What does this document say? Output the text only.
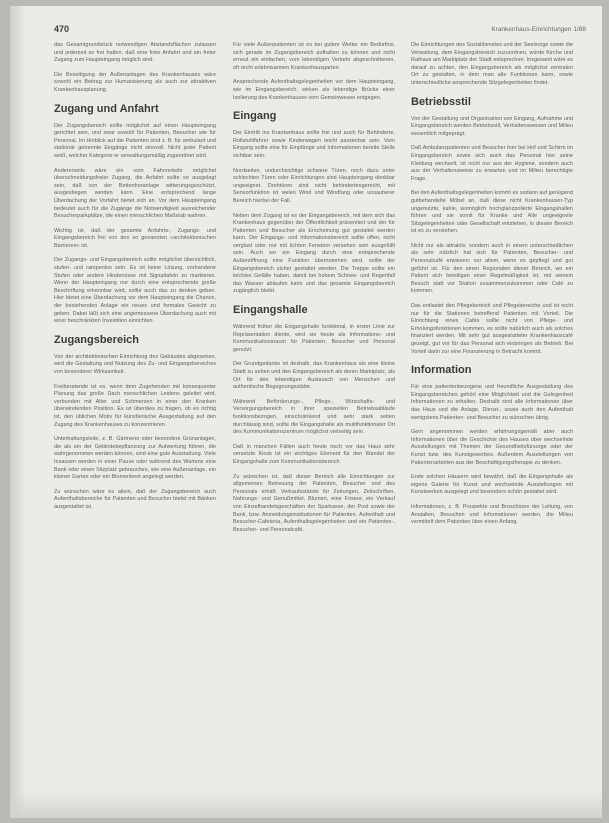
470	Krankenhaus-Einrichtungen 1/88
das Gesamtgrundstück notwendigen Abstandsflächen zulassen und jederzeit so frei halten, daß eine freie Anfahrt und ein freier Zugang zum Haupteingang möglich sind.
Die Beseitigung der Außenanlagen des Krankenhauses wäre sowohl ein Beitrag zur Humanisierung als auch zur attraktiven Krankenhausplanung.
Zugang und Anfahrt
Der Zugangsbereich sollte möglichst auf einen Haupteingang gerichtet sein, und zwar sowohl für Patienten, Besucher wie für Personal. Im Hinblick auf die Patienten sind z. B. für ambulant und stationär getrennte Eingänge nicht sinnvoll. Nicht jeder Patient weiß, welcher Kategorie er verwaltungsmäßig zugeordnet wird.
Andererseits wäre ein vom Fahrverkehr möglichst überschneidungsfreier Zugang, die Anfahrt sollte so ausgelegt sein, daß von der Bettenhoranlage witterungsgeschützt, ausgestiegen werden kann. Eine entsprechend lange Überdachung der Vorfahrt bietet sich an. Vor dem Haupteingang bedeutet auch für die Zugänge die Notwendigkeit ausreichender Besucherparkplätze, die einen menschlichen Maßstab wahren.
Wichtig ist, daß der gesamte Anfahrts-, Zugangs- und Eingangsbereich frei von den so genannten »architektonischen Barrieren« ist.
Der Zugangs- und Eingangsbereich sollte möglichst übersichtlich, stufen- und rampenlos sein. Es ist keine Lösung, vorhandene Stufen oder andere Hindernisse mit Signaltafeln zu markieren. Wenn der Haupteingang nur durch eine entsprechende große Beschriftung erkennbar wird, sollte auch das zu denken geben. Hier bietet eine Überdachung vor dem Haupteingang die Chance, der bestehenden Anlage ein neues und formales Gesicht zu geben. Dabei läßt sich eine angemessene Überdachung auch mit einer beschränkten Investition einrichten.
Zugangsbereich
Von der architektonischen Einrichtung des Gebäudes abgesehen, wird die Gestaltung und Nutzung des Zu- und Eingangsbereiches von besonderer Wirksamkeit.
Freiberatende ist es, wenn dem Zugehenden mit konsequenter Planung das große Dach menschlichen Leidens geleitet wird, verbunden mit Alter und Schmerzen in einer den Kranken überwindenden Position. Es ist überdies zu fragen, ob es richtig ist, den üblichen Motiv für künstlerische Ausgestaltung auf den Zugang des Krankenhauses zu konzentrieren.
Unterhaltungsteile, z. B. Gärtnerei oder besonders Grünanlagen, die als ein der Geländebepflanzung zur Aufwertung führen, die wahrgenommen werden können, sind eine gute Ausstattung. Viele Insassen werden in einer Pause oder während des Wartens eine Bank oder einen Sitzplatz gebrauchen, wie eine Außenanlage, ein kleiner Garten oder ein Blumenbeet angelegt werden.
Zu wünschen wäre es allein, daß der Zugangsbereich auch Aufenthaltsbereiche für Patienten und Besucher bietet mit Bänken ausgestattet ist.
Für viele Außenpatienten ist es bei gutem Wetter ein Bedürfnis, sich gerade im Zugangsbereich aufhalten zu können und nicht erneut ein einfachen, vom lebendigen Verkehr abgeschnittenen, oft recht erlebnisarmen Krankenhausgarten.
Ansprechende Aufenthaltsgelegenheiten vor dem Haupteingang, wie im Eingangsbereich, wirken als lebendige Brücke einer Isolierung des Krankenhauses vom Gemeinwesen entgegen.
Eingang
Der Eintritt ins Krankenhaus sollte frei und auch für Behinderte, Rollstuhlfahrer sowie Kinderwagen leicht passierbar sein. Vom Eingang sollte eine für Empfänge und Informationen bereite Stelle sichtbar sein.
Nordseiten, undurchsichtige schwere Türen, noch dazu unter schlechten Türen oder Einrichtungen sind Haupteingang denkbar ungeeignet. Drehtüren sind nicht behindertengerecht, mit Sensorfunktion ist vielen Wind und Windfang oder unsauberer Bereich hierbei der Fall.
Neben dem Zugang ist es der Eingangsbereich, mit dem sich das Krankenhaus gegenüber der Öffentlichkeit präsentiert und der für Patienten und Besucher als Erscheinung gut gestaltet werden kann. Der Eingangs- und Informationsbereich sollte offen, nicht verglast oder nur mit lichten Fenstern versehen sein ausgefüllt sein. Auch wo ein Eingang durch eine entsprechende Außenöffnung eine Funktion übernommen wird, sollte der Eingangsbereich sicher gestaltet werden. Die Treppe sollte ein leichtes Gefälle haben, damit bei hohem Schnee- und Regenfall das Wasser ablaufen kann und das gesamte Eingangsbereich zugänglich bleibt.
Eingangshalle
Während früher die Eingangshalle funktional, in erster Linie zur Repräsentation diente, wird sie heute als Informations- und Kommunikationsraum für Patienten, Besucher und Personal genutzt.
Der Grundgedanke ist deshalb, das Krankenhaus als eine kleine Stadt zu sehen und den Eingangsbereich als deren Marktplatz, als Ort für den lebendigen Austausch von Menschen und authentische Begegnungsstätte.
Während Beförderungs-, Pflege-, Wirtschafts- und Versorgungsbereich in ihrer speziellen Betriebsabläufe funktionsbezogen, einschränkend und sehr stark selten durchlässig sind, sollte die Eingangshalle als multifunktionaler Ort des Kommunikationszentrum möglichst vielseitig sein.
Daß in manchen Fällen auch heute noch vor das Haus sehr versetzte Kiosk ist ein wichtiges Element für den Wandel der Eingangshalle zum Kommunikationsbereich.
Zu wünschen ist, daß dieser Bereich alle Einrichtungen zur allgemeinen Betreuung der Patienten, Besucher und des Personals erhält: Verkaufsstände für Zeitungen, Zeitschriften, Nahrungs- und Genußmittel, Blumen, eine Friseur, ein Verkauf von Einzelhandelsgeschäften der Sparkasse, der Post sowie der Bank, bzw. Anmeldungsinstitutionen für Patienten. Aufenthalt und Besucher-Cafeteria, Aufenthaltsgelegenheiten und ein Patienten-, Besucher- und Personalcafé.
Die Einrichtungen des Sozialdienstes und der Seelsorge sowie die Verwaltung, dem Eingangsbereich zuzuordnen, würde Kirche und Rathaus am Marktplatz der Stadt entsprechen. Insgesamt wäre es darauf zu achten, den Eingangsbereich als möglichst zentralen Ort zu gestalten, in dem man alle Funktionen kann, sowie unterschiedliche ansprechende Sitzgelegenheiten findet.
Betriebsstil
Von der Gestaltung und Organisation von Eingang, Aufnahme und Eingangsbereich werden Betriebsstil, Verhaltensweisen und Milieu wesentlich mitgeprägt.
Daß Ambulanzpatienten und Besucher hier bei Hof und Schirm im Eingangsbereich sowie sich auch das Personal hier seine Kleidung wechselt, ist nicht nur aus der Hygiene, sondern auch aus der Verhaltensweise zu erwarten und im Milieu berechtigte Frage.
Bei den Aufenthaltsgelegenheiten kommt es sodann auf genügend gutbehandelte Möbel an, daß diese nicht Krankenhauser-Typ ungenutzte, kahle, womöglich hochglanzpolierte Eingangshallen führen und sie somit für Kranke und Alte ungeeignete Sitzgelegenheiten oder Gesellschaft entstehen, in diesen Bereich ist es zu verstehen.
Nicht nur als attraktiv, sondern auch in einem unterschiedlichen als sehr nützlich hat sich für Patienten, Besucher- und Personalcafé erwiesen; vor allem, wenn es gepflegt und gut geführt ist. Für den einen Regionalen dieser Bereich, wo ein Patient sich beteiligen einer Regelmäßigkeit ist, mit seinem Besuch statt vor Station zusammenzukommen oder Café zu kommen.
Das entlastet den Pflegebereich und Pflegebereiche und ist nicht nur für die Stationen betreffend Patienten mit Vorteil. Die Einrichtung eines Cafés sollte nicht von Pflege- und Erholungsfunktionen kommen, es sollte natürlich auch als solches finanziert werden. Mit sehr gut ausgestatteter Krankenhauscafé gezeigt, gut vor für das Personal sich einbringen als Betrieb. Bei Vorteil darin zur eine Finanzierung in Betracht kommt.
Information
Für eine patientenbezogene und freundliche Ausgestaltung des Eingangsbereiches gehört eine Möglichkeit und die Gelegenheit Informationen zu erhalten. Deshalb sind alle Informationen über das Haus und die Anlage, Dienst-, sowie auch den Aufenthalt wenigstens Patienten- und Besucher zu wünschen übrig.
Gern angenommen werden erfahrungsgemäß aber auch Informationen über die Geschichte des Hauses über wechselnde Ausstellungen mit Themen der Gesundheitsfürsorge oder der Kunst bzw. des Kunstgewerbes. Außerdem Ausstellungen von Patientenarbeiten aus der Beschäftigungstherapie zu denken.
Erste solchen Häusern wird bewährt, daß die Eingangshalle als eigene Galerie für Kunst und wechselnde Ausstellungen mit Kunstwerken ausgelegt und besonders schön gestaltet wird.
Informationen, z. B. Prospekte und Broschüren der Leitung, von Anstalten, Besuchen und Informationen werden, die Milieu vermittelt dem Patienten über einen Anfang.
